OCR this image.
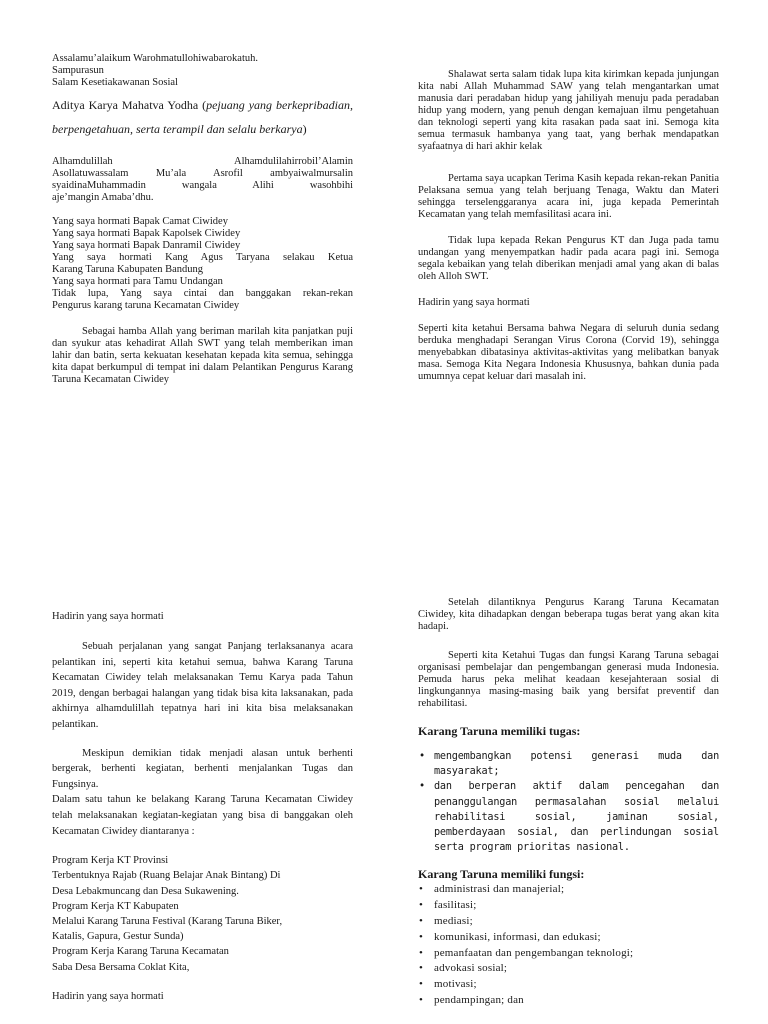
Assalamu’alaikum Warohmatullohiwabarokatuh.

Sampurasun

Salam Kesetiakawanan Sosial

Aditya Karya Mahatva Yodha (pejuang yang berkepribadian, berpengetahuan, serta terampil dan selalu berkarya)

Alhamdulillah Alhamdulilahirrobil’Alamin

Asollatuwassalam Mu’ala Asrofil ambyaiwalmursalin

syaidinaMuhammadin wangala Alihi wasohbihi

aje’mangin Amaba’dhu.

Yang saya hormati Bapak Camat Ciwidey

Yang saya hormati Bapak Kapolsek Ciwidey

Yang saya hormati Bapak Danramil Ciwidey

Yang saya hormati Kang Agus Taryana selakau Ketua

Karang Taruna Kabupaten Bandung

Yang saya hormati para Tamu Undangan

Tidak lupa, Yang saya cintai dan banggakan rekan-rekan

Pengurus karang taruna Kecamatan Ciwidey

Sebagai hamba Allah yang beriman marilah kita panjatkan puji dan syukur atas kehadirat Allah SWT yang telah memberikan iman lahir dan batin, serta kekuatan kesehatan kepada kita semua, sehingga kita dapat berkumpul di tempat ini dalam Pelantikan Pengurus Karang Taruna Kecamatan Ciwidey

Shalawat serta salam tidak lupa kita kirimkan kepada junjungan kita nabi Allah Muhammad SAW yang telah mengantarkan umat manusia dari peradaban hidup yang jahiliyah menuju pada peradaban hidup yang modern, yang penuh dengan kemajuan ilmu pengetahuan dan teknologi seperti yang kita rasakan pada saat ini. Semoga kita semua termasuk hambanya yang taat, yang berhak mendapatkan syafaatnya di hari akhir kelak

Pertama saya ucapkan Terima Kasih kepada rekan-rekan Panitia Pelaksana semua yang telah berjuang Tenaga, Waktu dan Materi sehingga terselenggaranya acara ini, juga kepada Pemerintah Kecamatan yang telah memfasilitasi acara ini.

Tidak lupa kepada Rekan Pengurus KT dan Juga pada tamu undangan yang menyempatkan hadir pada acara pagi ini. Semoga segala kebaikan yang telah diberikan menjadi amal yang akan di balas oleh Alloh SWT.

Hadirin yang saya hormati

Seperti kita ketahui Bersama bahwa Negara di seluruh dunia sedang berduka menghadapi Serangan Virus Corona (Corvid 19), sehingga menyebabkan dibatasinya aktivitas-aktivitas yang melibatkan banyak masa. Semoga Kita Negara Indonesia Khususnya, bahkan dunia pada umumnya cepat keluar dari masalah ini.

Hadirin yang saya hormati

Sebuah perjalanan yang sangat Panjang terlaksananya acara pelantikan ini, seperti kita ketahui semua, bahwa Karang Taruna Kecamatan Ciwidey telah melaksanakan Temu Karya pada Tahun 2019, dengan berbagai halangan yang tidak bisa kita laksanakan, pada akhirnya alhamdulillah tepatnya hari ini kita bisa melaksanakan pelantikan.

Meskipun demikian tidak menjadi alasan untuk berhenti bergerak, berhenti kegiatan, berhenti menjalankan Tugas dan Fungsinya.

Dalam satu tahun ke belakang Karang Taruna Kecamatan Ciwidey telah melaksanakan kegiatan-kegiatan yang bisa di banggakan oleh Kecamatan Ciwidey diantaranya :

Program Kerja KT Provinsi

Terbentuknya Rajab (Ruang Belajar Anak Bintang) Di

Desa Lebakmuncang dan Desa Sukawening.

Program Kerja KT Kabupaten

Melalui Karang Taruna Festival (Karang Taruna Biker,

Katalis, Gapura, Gestur Sunda)

Program Kerja Karang Taruna Kecamatan

Saba Desa Bersama Coklat Kita,

Hadirin yang saya hormati

Setelah dilantiknya Pengurus Karang Taruna Kecamatan Ciwidey, kita dihadapkan dengan beberapa tugas berat yang akan kita hadapi.

Seperti kita Ketahui Tugas dan fungsi Karang Taruna sebagai organisasi pembelajar dan pengembangan generasi muda Indonesia. Pemuda harus peka melihat keadaan kesejahteraan sosial di lingkungannya masing-masing baik yang bersifat preventif dan rehabilitasi.

Karang Taruna memiliki tugas:

• mengembangkan potensi generasi muda dan masyarakat;
• dan berperan aktif dalam pencegahan dan penanggulangan permasalahan sosial melalui rehabilitasi sosial, jaminan sosial, pemberdayaan sosial, dan perlindungan sosial serta program prioritas nasional.

Karang Taruna memiliki fungsi:

• administrasi dan manajerial;
• fasilitasi;
• mediasi;
• komunikasi, informasi, dan edukasi;
• pemanfaatan dan pengembangan teknologi;
• advokasi sosial;
• motivasi;
• pendampingan; dan
